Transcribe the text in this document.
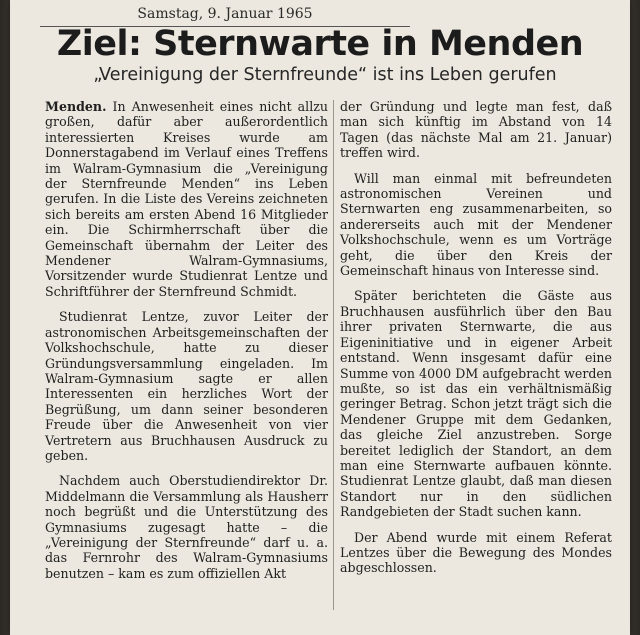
Samstag, 9. Januar 1965
Ziel: Sternwarte in Menden
„Vereinigung der Sternfreunde“ ist ins Leben gerufen

Menden. In Anwesenheit eines nicht allzu großen, dafür aber außerordentlich interessierten Kreises wurde am Donnerstagabend im Verlauf eines Treffens im Walram-Gymnasium die „Vereinigung der Sternfreunde Menden“ ins Leben gerufen. In die Liste des Vereins zeichneten sich bereits am ersten Abend 16 Mitglieder ein. Die Schirmherrschaft über die Gemeinschaft übernahm der Leiter des Mendener Walram-Gymnasiums, Vorsitzender wurde Studienrat Lentze und Schriftführer der Sternfreund Schmidt.

Studienrat Lentze, zuvor Leiter der astronomischen Arbeitsgemeinschaften der Volkshochschule, hatte zu dieser Gründungsversammlung eingeladen. Im Walram-Gymnasium sagte er allen Interessenten ein herzliches Wort der Begrüßung, um dann seiner besonderen Freude über die Anwesenheit von vier Vertretern aus Bruchhausen Ausdruck zu geben.

Nachdem auch Oberstudiendirektor Dr. Middelmann die Versammlung als Hausherr noch begrüßt und die Unterstützung des Gymnasiums zugesagt hatte – die „Vereinigung der Sternfreunde“ darf u. a. das Fernrohr des Walram-Gymnasiums benutzen – kam es zum offiziellen Akt

der Gründung und legte man fest, daß man sich künftig im Abstand von 14 Tagen (das nächste Mal am 21. Januar) treffen wird.

Will man einmal mit befreundeten astronomischen Vereinen und Sternwarten eng zusammenarbeiten, so andererseits auch mit der Mendener Volkshochschule, wenn es um Vorträge geht, die über den Kreis der Gemeinschaft hinaus von Interesse sind.

Später berichteten die Gäste aus Bruchhausen ausführlich über den Bau ihrer privaten Sternwarte, die aus Eigeninitiative und in eigener Arbeit entstand. Wenn insgesamt dafür eine Summe von 4000 DM aufgebracht werden mußte, so ist das ein verhältnismäßig geringer Betrag. Schon jetzt trägt sich die Mendener Gruppe mit dem Gedanken, das gleiche Ziel anzustreben. Sorge bereitet lediglich der Standort, an dem man eine Sternwarte aufbauen könnte. Studienrat Lentze glaubt, daß man diesen Standort nur in den südlichen Randgebieten der Stadt suchen kann.

Der Abend wurde mit einem Referat Lentzes über die Bewegung des Mondes abgeschlossen.
